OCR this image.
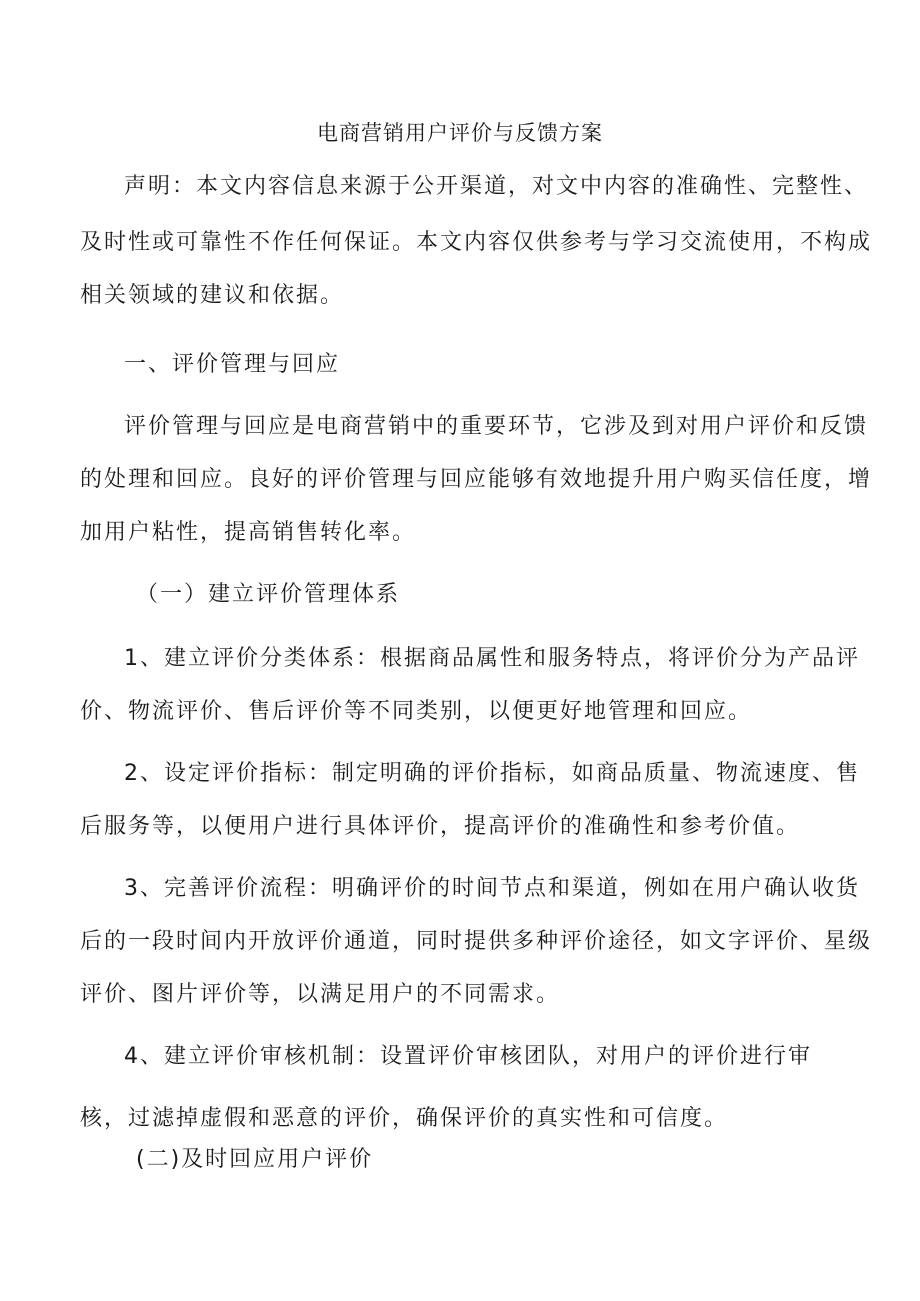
电商营销用户评价与反馈方案
声明：本文内容信息来源于公开渠道，对文中内容的准确性、完整性、
及时性或可靠性不作任何保证。本文内容仅供参考与学习交流使用，不构成
相关领域的建议和依据。
一、评价管理与回应
评价管理与回应是电商营销中的重要环节，它涉及到对用户评价和反馈
的处理和回应。良好的评价管理与回应能够有效地提升用户购买信任度，增
加用户粘性，提高销售转化率。
（一）建立评价管理体系
1、建立评价分类体系：根据商品属性和服务特点，将评价分为产品评
价、物流评价、售后评价等不同类别，以便更好地管理和回应。
2、设定评价指标：制定明确的评价指标，如商品质量、物流速度、售
后服务等，以便用户进行具体评价，提高评价的准确性和参考价值。
3、完善评价流程：明确评价的时间节点和渠道，例如在用户确认收货
后的一段时间内开放评价通道，同时提供多种评价途径，如文字评价、星级
评价、图片评价等，以满足用户的不同需求。
4、建立评价审核机制：设置评价审核团队，对用户的评价进行审
核，过滤掉虚假和恶意的评价，确保评价的真实性和可信度。
(二)及时回应用户评价
